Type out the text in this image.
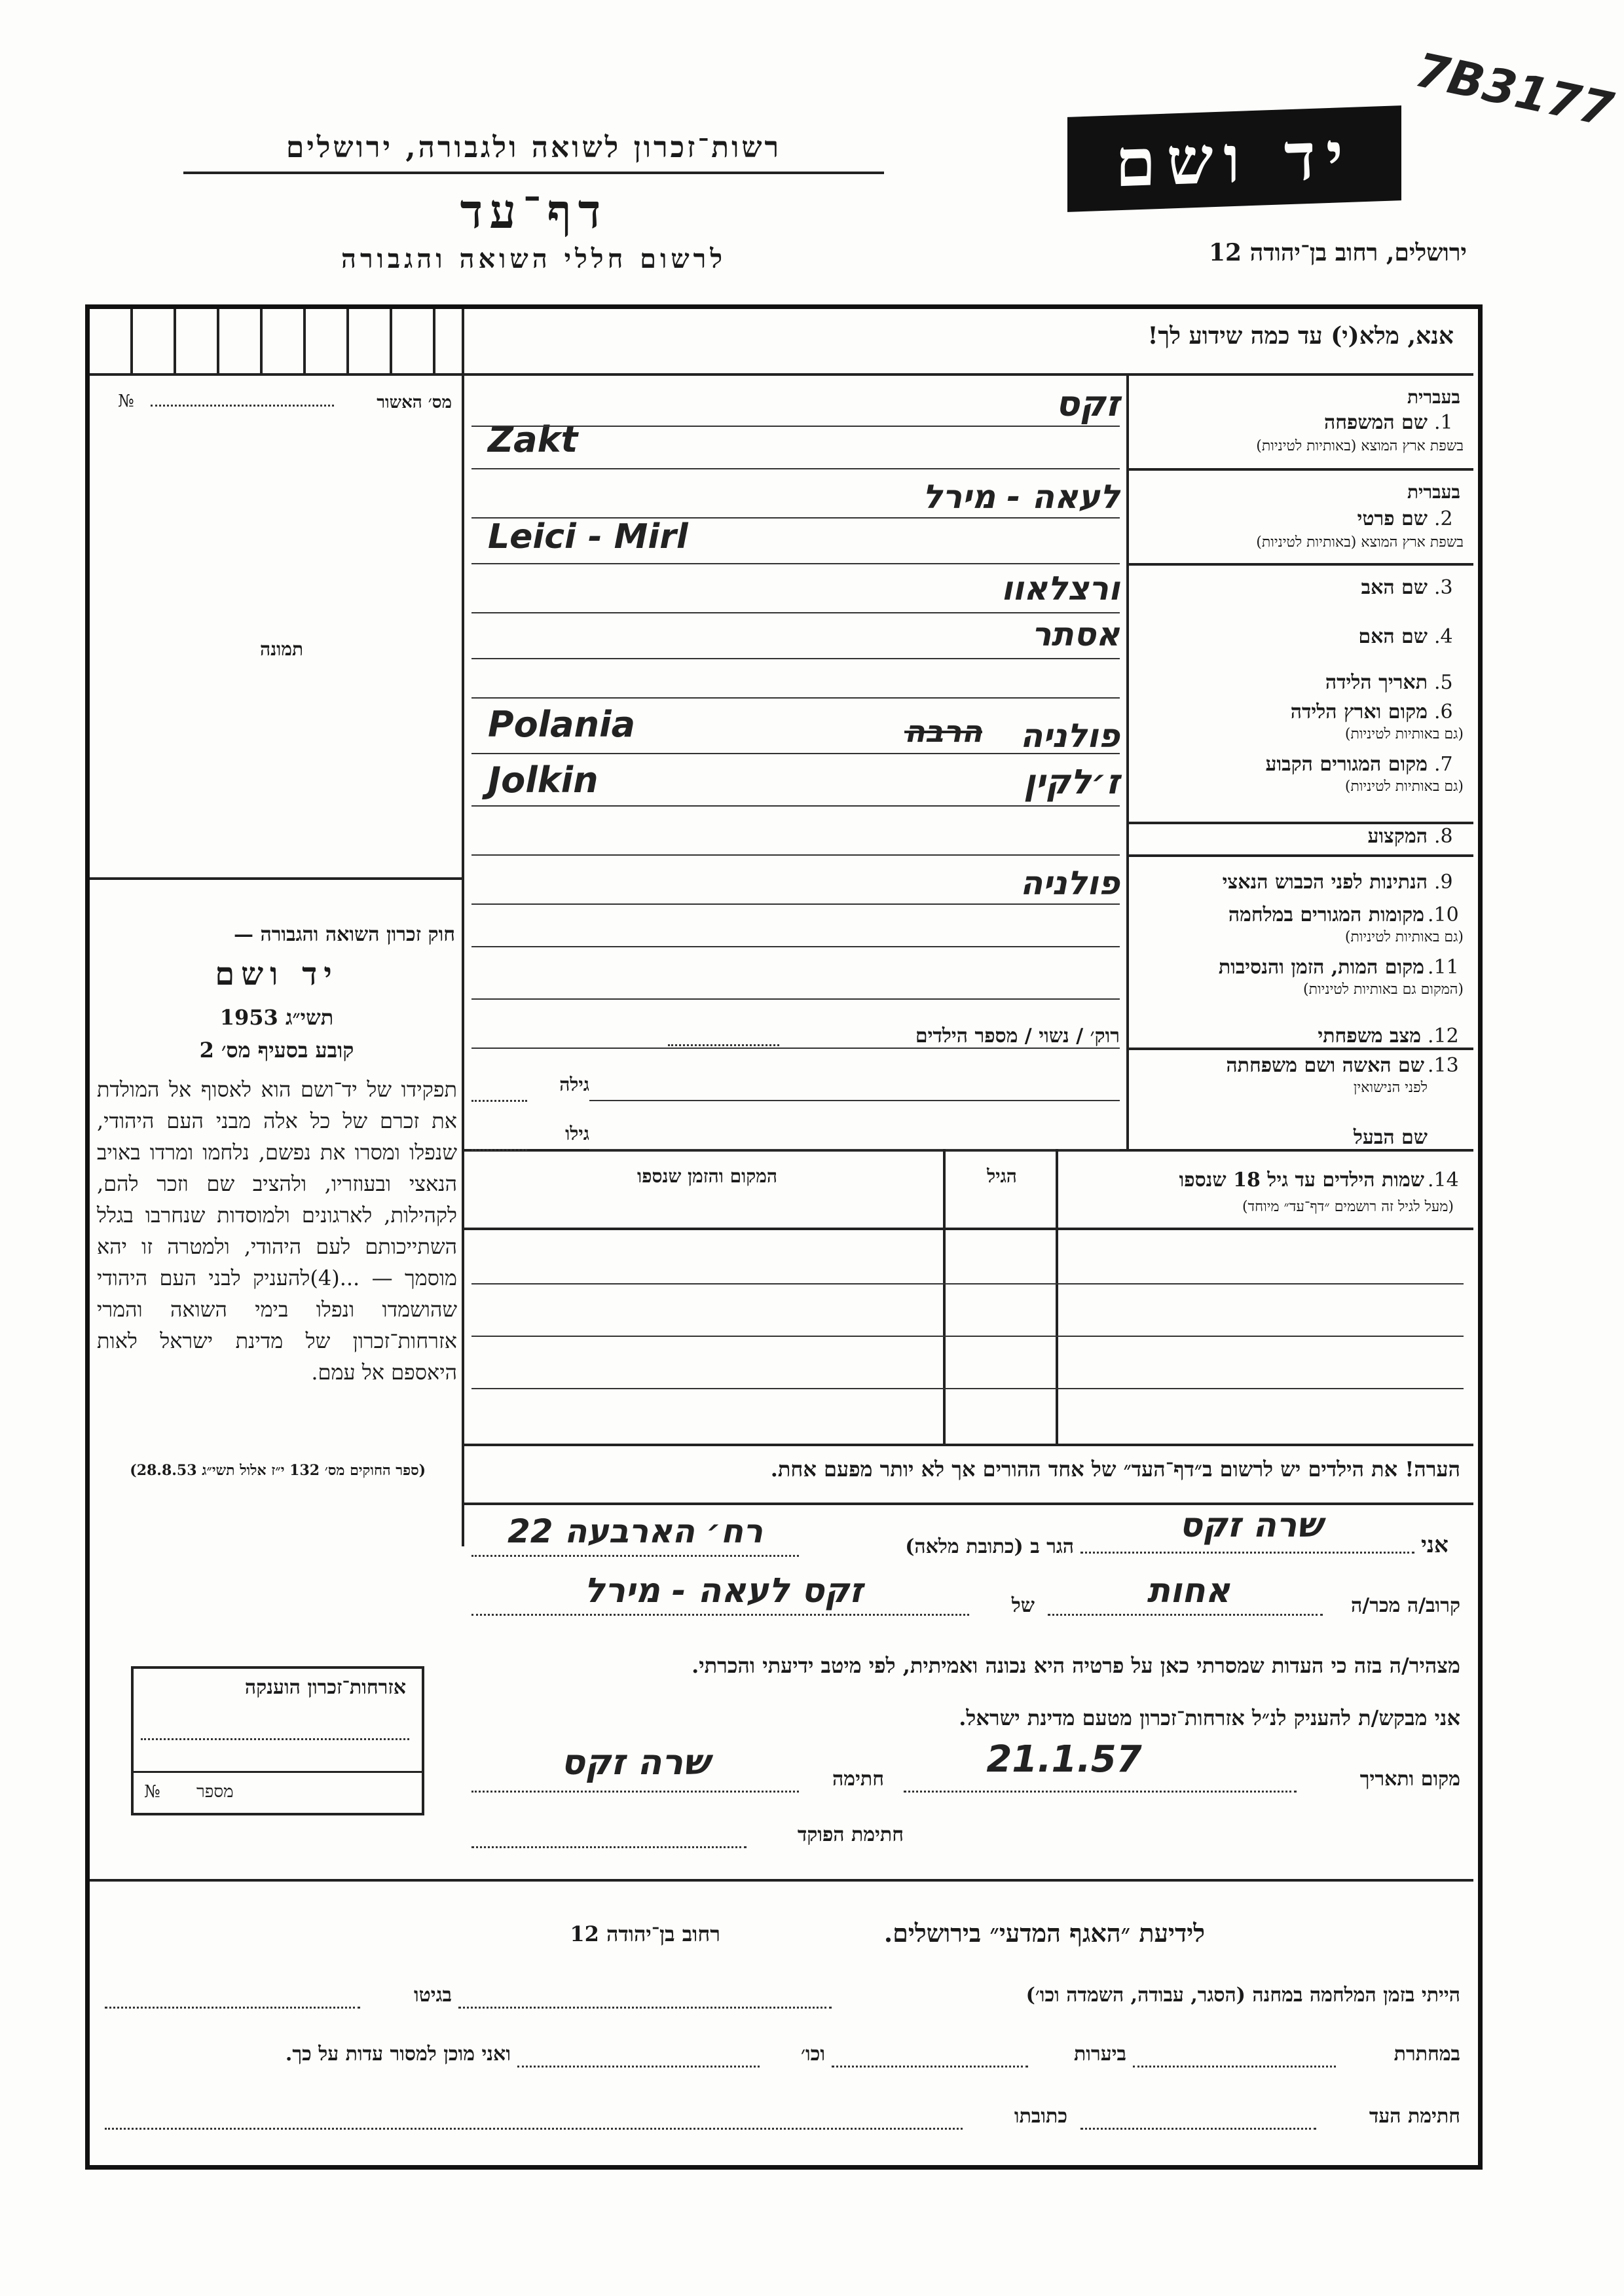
7B3177
רשות־זכרון לשואה ולגבורה, ירושלים
דף־עד
לרשום חללי השואה והגבורה
יד ושם
ירושלים, רחוב בן־יהודה 12
אנא, מלא(י) עד כמה שידוע לך!
מס׳ האשור
№
תמונה
חוק זכרון השואה והגבורה —
יד ושם
תשי״ג 1953
קובע בסעיף מס׳ 2
תפקידו של יד־ושם הוא לאסוף אל המולדת את זכרם של כל אלה מבני העם היהודי, שנפלו ומסרו את נפשם, נלחמו ומרדו באויב הנאצי ובעוזריו, ולהציב שם וזכר להם, לקהילות, לארגונים ולמוסדות שנחרבו בגלל השתייכותם לעם היהודי, ולמטרה זו יהא מוסמך — ...(4)להעניק לבני העם היהודי שהושמדו ונפלו בימי השואה והמרי אזרחות־זכרון של מדינת ישראל לאות היאספם אל עמם.
(ספר החוקים מס׳ 132 י״ז אלול תשי״ג 28.8.53)
אזרחות־זכרון הוענקה
מספר
№
1.
שם המשפחה
בעברית
בשפת ארץ המוצא (באותיות לטיניות)
זקס
Zakt
2.
שם פרטי
בעברית
בשפת ארץ המוצא (באותיות לטיניות)
לעאה - מירל
Leici - Mirl
3.
שם האב
ורצלאוו
4.
שם האם
אסתר
5.
תאריך הלידה
6.
מקום וארץ הלידה
(גם באותיות לטיניות)
פולניה
הרבה
Polania
7.
מקום המגורים הקבוע
(גם באותיות לטיניות)
ז׳לקין
Jolkin
8.
המקצוע
9.
הנתינות לפני הכבוש הנאצי
פולניה
10.
מקומות המגורים במלחמה
(גם באותיות לטיניות)
11.
מקום המות, הזמן והנסיבות
(המקום גם באותיות לטיניות)
12.
מצב משפחתי
רוק׳ / נשוי / מספר הילדים
13.
שם האשה ושם משפחתה
לפני הנישואין
גילה
שם הבעל
גילו
14.
שמות הילדים עד גיל 18 שנספו
(מעל לגיל זה רושמים ״דף־עד״ מיוחד)
הגיל
המקום והזמן שנספו
הערה! את הילדים יש לרשום ב״דף־העד״ של אחד ההורים אך לא יותר מפעם אחת.
אני
שרה זקס
הגר ב (כתובת מלאה)
רח׳ הארבעה 22
קרוב/ה מכר/ה
אחות
של
זקס לעאה - מירל
מצהיר/ה בזה כי העדות שמסרתי כאן על פרטיה היא נכונה ואמיתית, לפי מיטב ידיעתי והכרתי.
אני מבקש/ת להעניק לנ״ל אזרחות־זכרון מטעם מדינת ישראל.
מקום ותאריך
21.1.57
חתימה
שרה זקס
חתימת הפוקד
לידיעת ״האגף המדעי״ בירושלים.
רחוב בן־יהודה 12
הייתי בזמן המלחמה במחנה (הסגר, עבודה, השמדה וכו׳)
בגיטו
במחתרת
ביערות
וכו׳
ואני מוכן למסור עדות על כך.
חתימת העד
כתובתו
